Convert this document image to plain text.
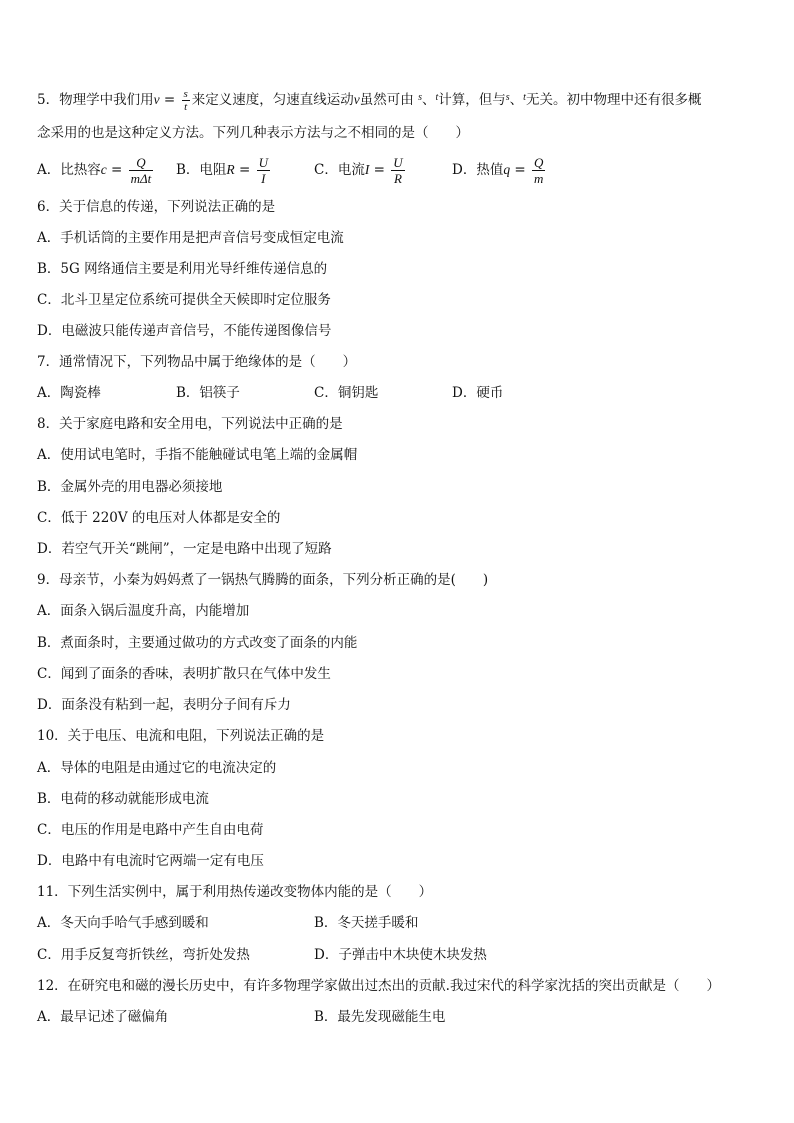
5．物理学中我们用$v = \frac{s}{t}$ 来定义速度，匀速直线运动v虽然可由 $^s$、$^t$计算，但与$^s$、$^t$无关。初中物理中还有很多概
念采用的也是这种定义方法。下列几种表示方法与之不相同的是（　　）
A．比热容$c = \frac{Q}{\text{mΔt}}$ B．电阻$R = \frac{U}{I}$	C．电流$I = \frac{U}{R}$	D．热值$q = \frac{Q}{m}$
6．关于信息的传递，下列说法正确的是
A．手机话筒的主要作用是把声音信号变成恒定电流
B．5G 网络通信主要是利用光导纤维传递信息的
C．北斗卫星定位系统可提供全天候即时定位服务
D．电磁波只能传递声音信号，不能传递图像信号
7．通常情况下，下列物品中属于绝缘体的是（　　）
A．陶瓷棒	B．铝筷子	C．铜钥匙	D．硬币
8．关于家庭电路和安全用电，下列说法中正确的是
A．使用试电笔时，手指不能触碰试电笔上端的金属帽
B．金属外壳的用电器必须接地
C．低于 220V 的电压对人体都是安全的
D．若空气开关“跳闸”，一定是电路中出现了短路
9．母亲节，小秦为妈妈煮了一锅热气腾腾的面条，下列分析正确的是(　　)
A．面条入锅后温度升高，内能增加
B．煮面条时，主要通过做功的方式改变了面条的内能
C．闻到了面条的香味，表明扩散只在气体中发生
D．面条没有粘到一起，表明分子间有斥力
10．关于电压、电流和电阻，下列说法正确的是
A．导体的电阻是由通过它的电流决定的
B．电荷的移动就能形成电流
C．电压的作用是电路中产生自由电荷
D．电路中有电流时它两端一定有电压
11．下列生活实例中，属于利用热传递改变物体内能的是（　　）
A．冬天向手哈气手感到暖和	B．冬天搓手暖和
C．用手反复弯折铁丝，弯折处发热	D．子弹击中木块使木块发热
12．在研究电和磁的漫长历史中，有许多物理学家做出过杰出的贡献.我过宋代的科学家沈括的突出贡献是（　　）
A．最早记述了磁偏角	B．最先发现磁能生电
